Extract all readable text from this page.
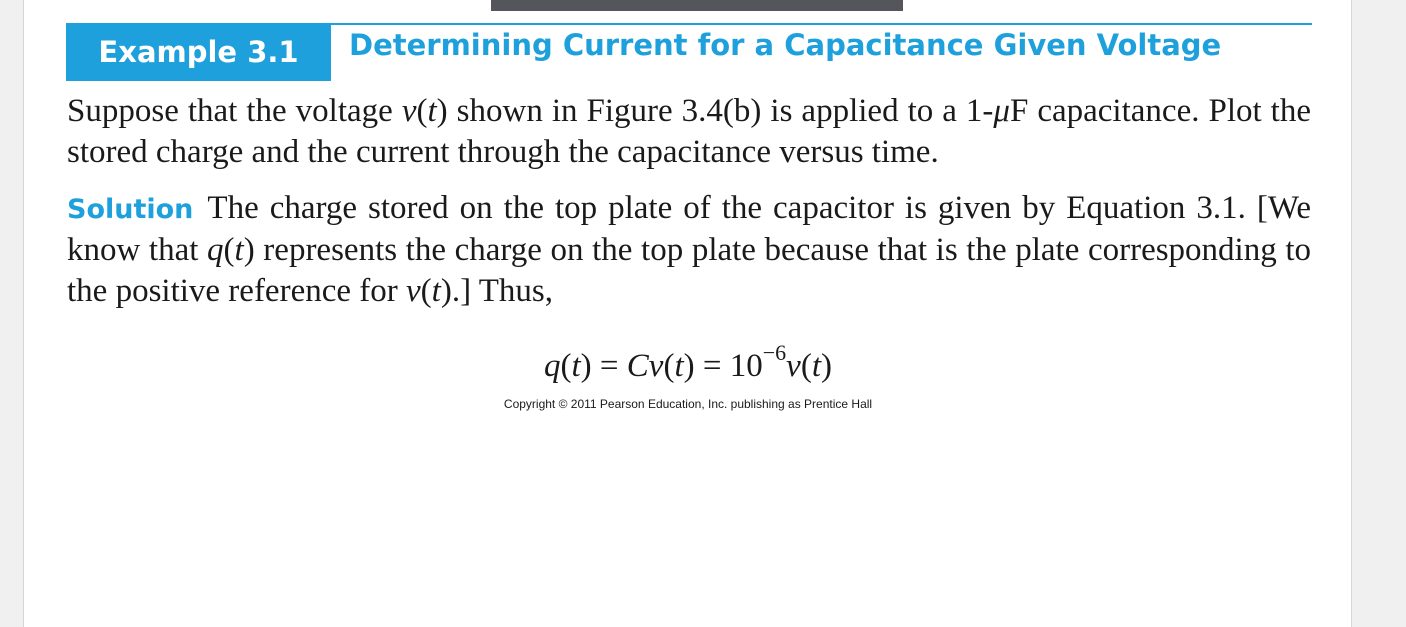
Example 3.1	Determining Current for a Capacitance Given Voltage
Suppose that the voltage v(t) shown in Figure 3.4(b) is applied to a 1-μF capacitance. Plot the stored charge and the current through the capacitance versus time.
Solution The charge stored on the top plate of the capacitor is given by Equation 3.1. [We know that q(t) represents the charge on the top plate because that is the plate corresponding to the positive reference for v(t).] Thus,
$q(t) = Cv(t) = 10^{-6}v(t)$
Copyright © 2011 Pearson Education, Inc. publishing as Prentice Hall
